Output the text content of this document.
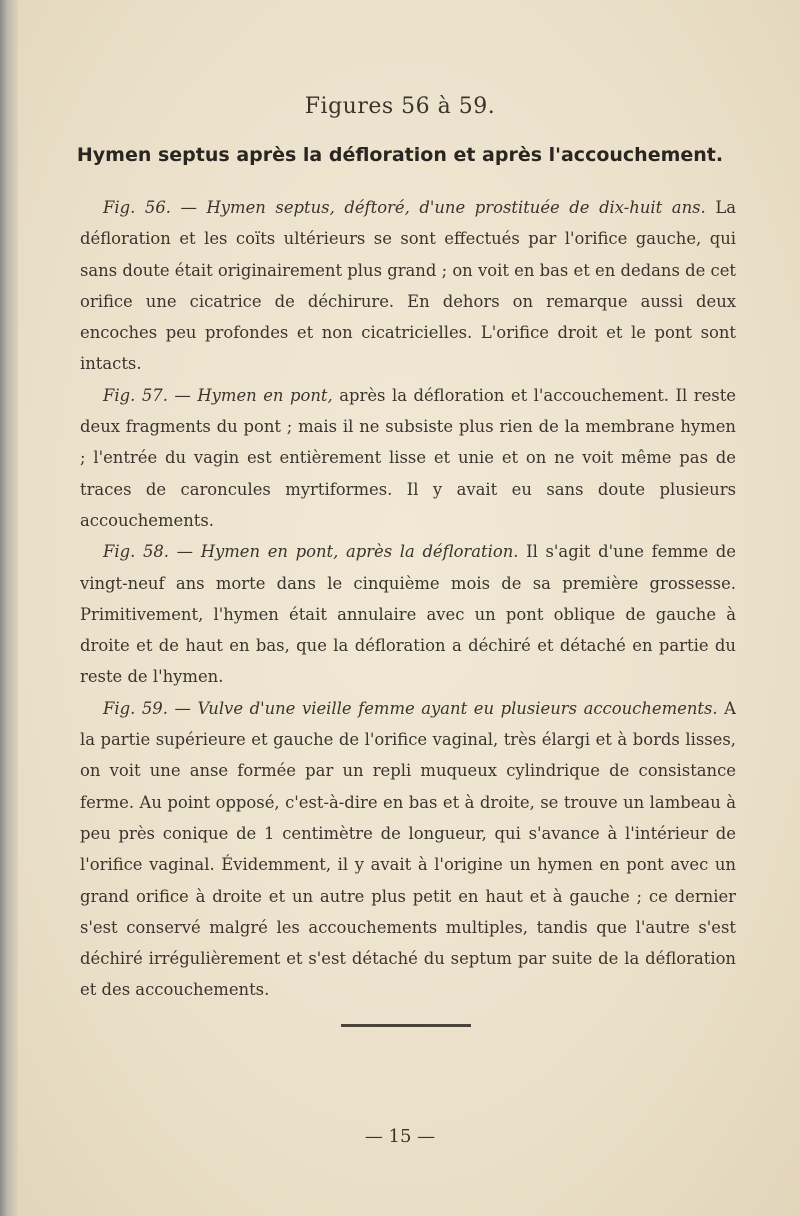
Figures 56 à 59.
Hymen septus après la défloration et après l'accouchement.

Fig. 56. — Hymen septus, déftoré, d'une prostituée de dix-huit ans. La défloration et les coïts ultérieurs se sont effectués par l'orifice gauche, qui sans doute était originairement plus grand ; on voit en bas et en dedans de cet orifice une cicatrice de déchirure. En dehors on remarque aussi deux encoches peu profondes et non cicatricielles. L'orifice droit et le pont sont intacts.

Fig. 57. — Hymen en pont, après la défloration et l'accouchement. Il reste deux fragments du pont ; mais il ne subsiste plus rien de la membrane hymen ; l'entrée du vagin est entièrement lisse et unie et on ne voit même pas de traces de caroncules myrtiformes. Il y avait eu sans doute plusieurs accouchements.

Fig. 58. — Hymen en pont, après la défloration. Il s'agit d'une femme de vingt-neuf ans morte dans le cinquième mois de sa première grossesse. Primitivement, l'hymen était annulaire avec un pont oblique de gauche à droite et de haut en bas, que la défloration a déchiré et détaché en partie du reste de l'hymen.

Fig. 59. — Vulve d'une vieille femme ayant eu plusieurs accouchements. A la partie supérieure et gauche de l'orifice vaginal, très élargi et à bords lisses, on voit une anse formée par un repli muqueux cylindrique de consistance ferme. Au point opposé, c'est-à-dire en bas et à droite, se trouve un lambeau à peu près conique de 1 centimètre de longueur, qui s'avance à l'intérieur de l'orifice vaginal. Évidemment, il y avait à l'origine un hymen en pont avec un grand orifice à droite et un autre plus petit en haut et à gauche ; ce dernier s'est conservé malgré les accouchements multiples, tandis que l'autre s'est déchiré irrégulièrement et s'est détaché du septum par suite de la défloration et des accouchements.

— 15 —
